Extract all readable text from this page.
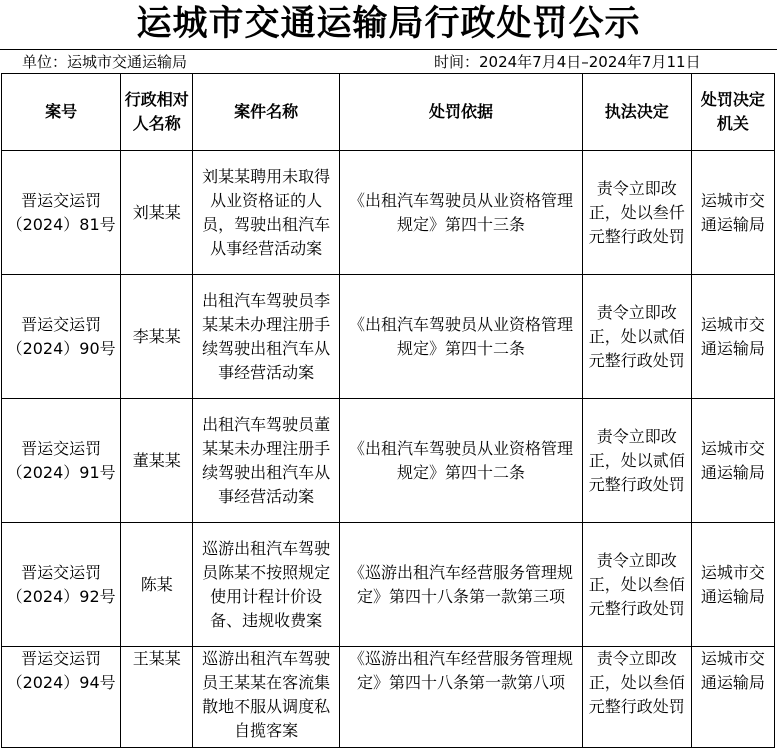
运城市交通运输局行政处罚公示
单位：运城市交通运输局	时间：2024年7月4日–2024年7月11日
案号	行政相对人名称	案件名称	处罚依据	执法决定	处罚决定机关
晋运交运罚（2024）81号	刘某某	刘某某聘用未取得从业资格证的人员，驾驶出租汽车从事经营活动案	《出租汽车驾驶员从业资格管理规定》第四十三条	责令立即改正，处以叁仟元整行政处罚	运城市交通运输局
晋运交运罚（2024）90号	李某某	出租汽车驾驶员李某某未办理注册手续驾驶出租汽车从事经营活动案	《出租汽车驾驶员从业资格管理规定》第四十二条	责令立即改正，处以贰佰元整行政处罚	运城市交通运输局
晋运交运罚（2024）91号	董某某	出租汽车驾驶员董某某未办理注册手续驾驶出租汽车从事经营活动案	《出租汽车驾驶员从业资格管理规定》第四十二条	责令立即改正，处以贰佰元整行政处罚	运城市交通运输局
晋运交运罚（2024）92号	陈某	巡游出租汽车驾驶员陈某不按照规定使用计程计价设备、违规收费案	《巡游出租汽车经营服务管理规定》第四十八条第一款第三项	责令立即改正，处以叁佰元整行政处罚	运城市交通运输局
晋运交运罚（2024）94号	王某某	巡游出租汽车驾驶员王某某在客流集散地不服从调度私自揽客案	《巡游出租汽车经营服务管理规定》第四十八条第一款第八项	责令立即改正，处以叁佰元整行政处罚	运城市交通运输局
